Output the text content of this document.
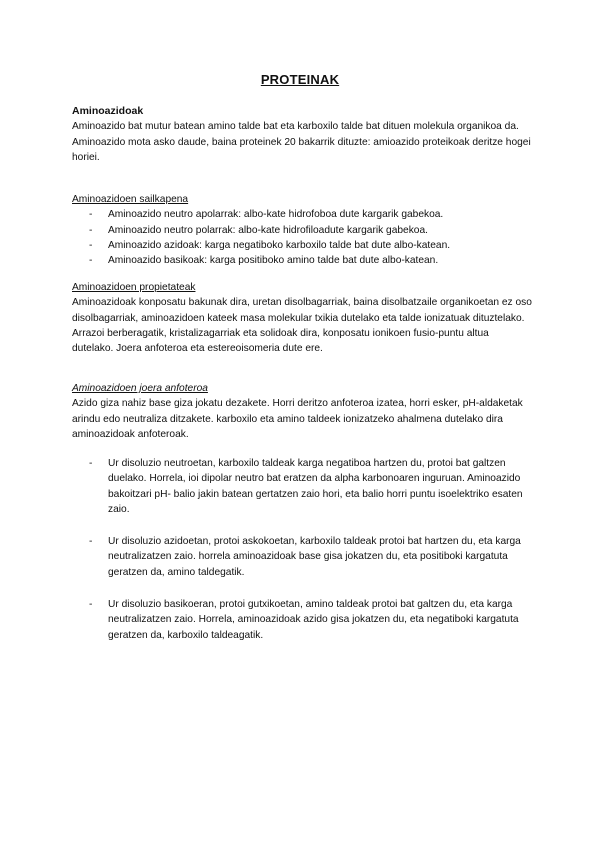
PROTEINAK

Aminoazidoak

Aminoazido bat mutur batean amino talde bat eta karboxilo talde bat dituen molekula organikoa da.

Aminoazido mota asko daude, baina proteinek 20 bakarrik dituzte: amioazido proteikoak deritze hogei horiei.

Aminoazidoen sailkapena

- Aminoazido neutro apolarrak: albo-kate hidrofoboa dute kargarik gabekoa.
- Aminoazido neutro polarrak: albo-kate hidrofiloadute kargarik gabekoa.
- Aminoazido azidoak: karga negatiboko karboxilo talde bat dute albo-katean.
- Aminoazido basikoak: karga positiboko amino talde bat dute albo-katean.

Aminoazidoen propietateak

Aminoazidoak konposatu bakunak dira, uretan disolbagarriak, baina disolbatzaile organikoetan ez oso disolbagarriak, aminoazidoen kateek masa molekular txikia dutelako eta talde ionizatuak dituztelako. Arrazoi berberagatik, kristalizagarriak eta solidoak dira, konposatu ionikoen fusio-puntu altua dutelako. Joera anfoteroa eta estereoisomeria dute ere.

Aminoazidoen joera anfoteroa

Azido giza nahiz base giza jokatu dezakete. Horri deritzo anfoteroa izatea, horri esker, pH-aldaketak arindu edo neutraliza ditzakete. karboxilo eta amino taldeek ionizatzeko ahalmena dutelako dira aminoazidoak anfoteroak.

- Ur disoluzio neutroetan, karboxilo taldeak karga negatiboa hartzen du, protoi bat galtzen duelako. Horrela, ioi dipolar neutro bat eratzen da alpha karbonoaren inguruan. Aminoazido bakoitzari pH- balio jakin batean gertatzen zaio hori, eta balio horri puntu isoelektriko esaten zaio.
- Ur disoluzio azidoetan, protoi askokoetan, karboxilo taldeak protoi bat hartzen du, eta karga neutralizatzen zaio. horrela aminoazidoak base gisa jokatzen du, eta positiboki kargatuta geratzen da, amino taldegatik.
- Ur disoluzio basikoeran, protoi gutxikoetan, amino taldeak protoi bat galtzen du, eta karga neutralizatzen zaio. Horrela, aminoazidoak azido gisa jokatzen du, eta negatiboki kargatuta geratzen da, karboxilo taldeagatik.
